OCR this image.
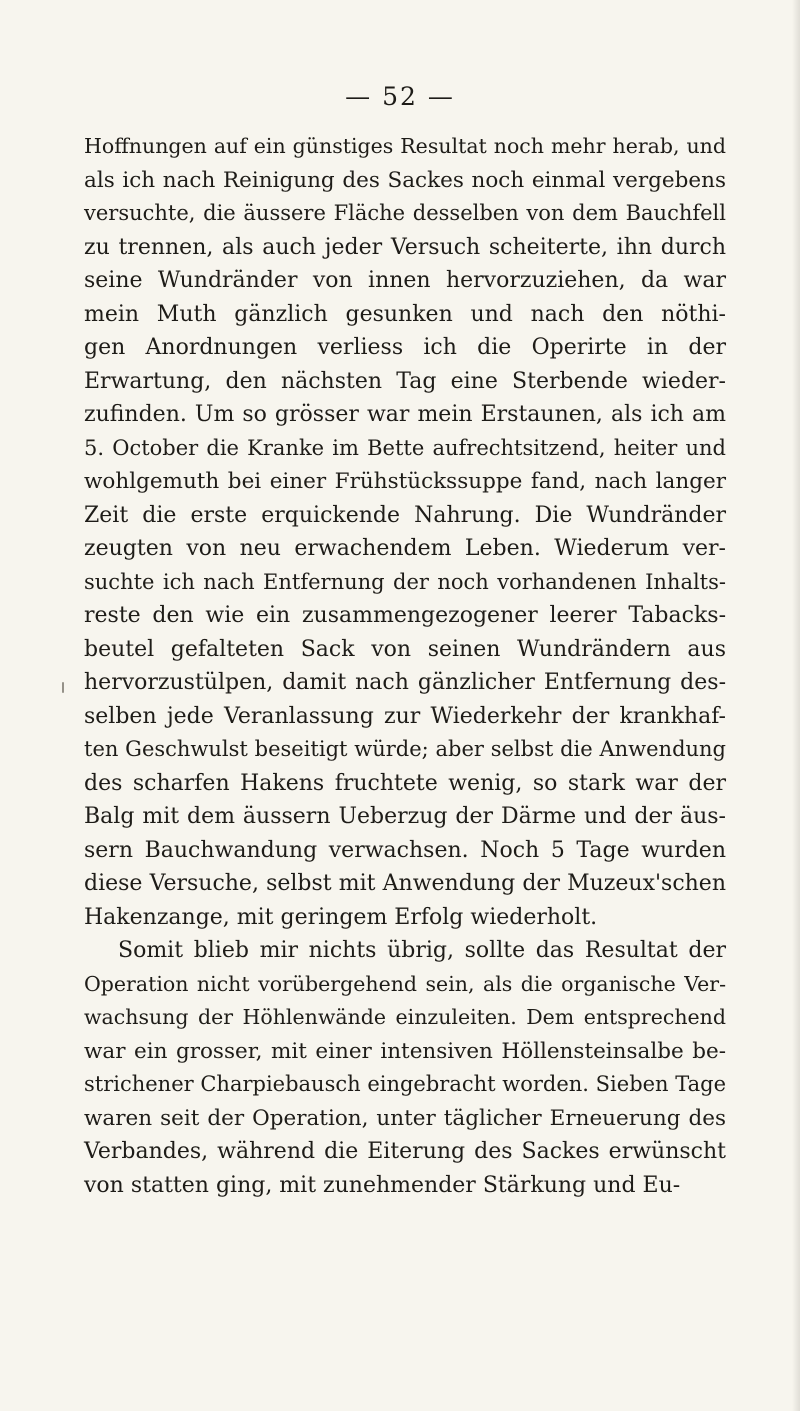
— 52 —
Hoffnungen auf ein günstiges Resultat noch mehr herab, und
als ich nach Reinigung des Sackes noch einmal vergebens
versuchte, die äussere Fläche desselben von dem Bauchfell
zu trennen, als auch jeder Versuch scheiterte, ihn durch
seine Wundränder von innen hervorzuziehen, da war
mein Muth gänzlich gesunken und nach den nöthi-
gen Anordnungen verliess ich die Operirte in der
Erwartung, den nächsten Tag eine Sterbende wieder-
zufinden. Um so grösser war mein Erstaunen, als ich am
5. October die Kranke im Bette aufrechtsitzend, heiter und
wohlgemuth bei einer Frühstückssuppe fand, nach langer
Zeit die erste erquickende Nahrung. Die Wundränder
zeugten von neu erwachendem Leben. Wiederum ver-
suchte ich nach Entfernung der noch vorhandenen Inhalts-
reste den wie ein zusammengezogener leerer Tabacks-
beutel gefalteten Sack von seinen Wundrändern aus
hervorzustülpen, damit nach gänzlicher Entfernung des-
selben jede Veranlassung zur Wiederkehr der krankhaf-
ten Geschwulst beseitigt würde; aber selbst die Anwendung
des scharfen Hakens fruchtete wenig, so stark war der
Balg mit dem äussern Ueberzug der Därme und der äus-
sern Bauchwandung verwachsen. Noch 5 Tage wurden
diese Versuche, selbst mit Anwendung der Muzeux'schen
Hakenzange, mit geringem Erfolg wiederholt.
Somit blieb mir nichts übrig, sollte das Resultat der
Operation nicht vorübergehend sein, als die organische Ver-
wachsung der Höhlenwände einzuleiten. Dem entsprechend
war ein grosser, mit einer intensiven Höllensteinsalbe be-
strichener Charpiebausch eingebracht worden. Sieben Tage
waren seit der Operation, unter täglicher Erneuerung des
Verbandes, während die Eiterung des Sackes erwünscht
von statten ging, mit zunehmender Stärkung und Eu-
